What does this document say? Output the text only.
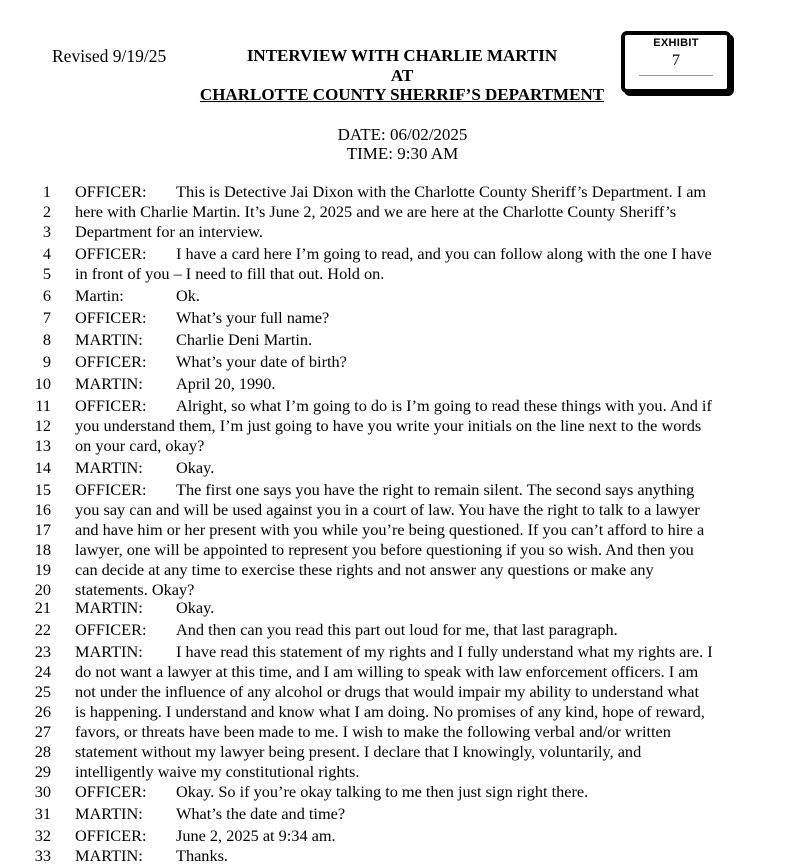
Revised 9/19/25	INTERVIEW WITH CHARLIE MARTIN
AT
CHARLOTTE COUNTY SHERRIF’S DEPARTMENT
EXHIBIT
7
DATE: 06/02/2025
TIME: 9:30 AM
1 OFFICER: This is Detective Jai Dixon with the Charlotte County Sheriff’s Department. I am
2 here with Charlie Martin. It’s June 2, 2025 and we are here at the Charlotte County Sheriff’s
3 Department for an interview.
4 OFFICER: I have a card here I’m going to read, and you can follow along with the one I have
5 in front of you – I need to fill that out. Hold on.
6 Martin:	Ok.
7 OFFICER: What’s your full name?
8 MARTIN: Charlie Deni Martin.
9 OFFICER: What’s your date of birth?
10 MARTIN: April 20, 1990.
11 OFFICER: Alright, so what I’m going to do is I’m going to read these things with you. And if
12 you understand them, I’m just going to have you write your initials on the line next to the words
13 on your card, okay?
14 MARTIN: Okay.
15 OFFICER: The first one says you have the right to remain silent. The second says anything
16 you say can and will be used against you in a court of law. You have the right to talk to a lawyer
17 and have him or her present with you while you’re being questioned. If you can’t afford to hire a
18 lawyer, one will be appointed to represent you before questioning if you so wish. And then you
19 can decide at any time to exercise these rights and not answer any questions or make any
20 statements. Okay?
21 MARTIN: Okay.
22 OFFICER: And then can you read this part out loud for me, that last paragraph.
23 MARTIN: I have read this statement of my rights and I fully understand what my rights are. I
24 do not want a lawyer at this time, and I am willing to speak with law enforcement officers. I am
25 not under the influence of any alcohol or drugs that would impair my ability to understand what
26 is happening. I understand and know what I am doing. No promises of any kind, hope of reward,
27 favors, or threats have been made to me. I wish to make the following verbal and/or written
28 statement without my lawyer being present. I declare that I knowingly, voluntarily, and
29 intelligently waive my constitutional rights.
30 OFFICER: Okay. So if you’re okay talking to me then just sign right there.
31 MARTIN: What’s the date and time?
32 OFFICER: June 2, 2025 at 9:34 am.
33 MARTIN: Thanks.
